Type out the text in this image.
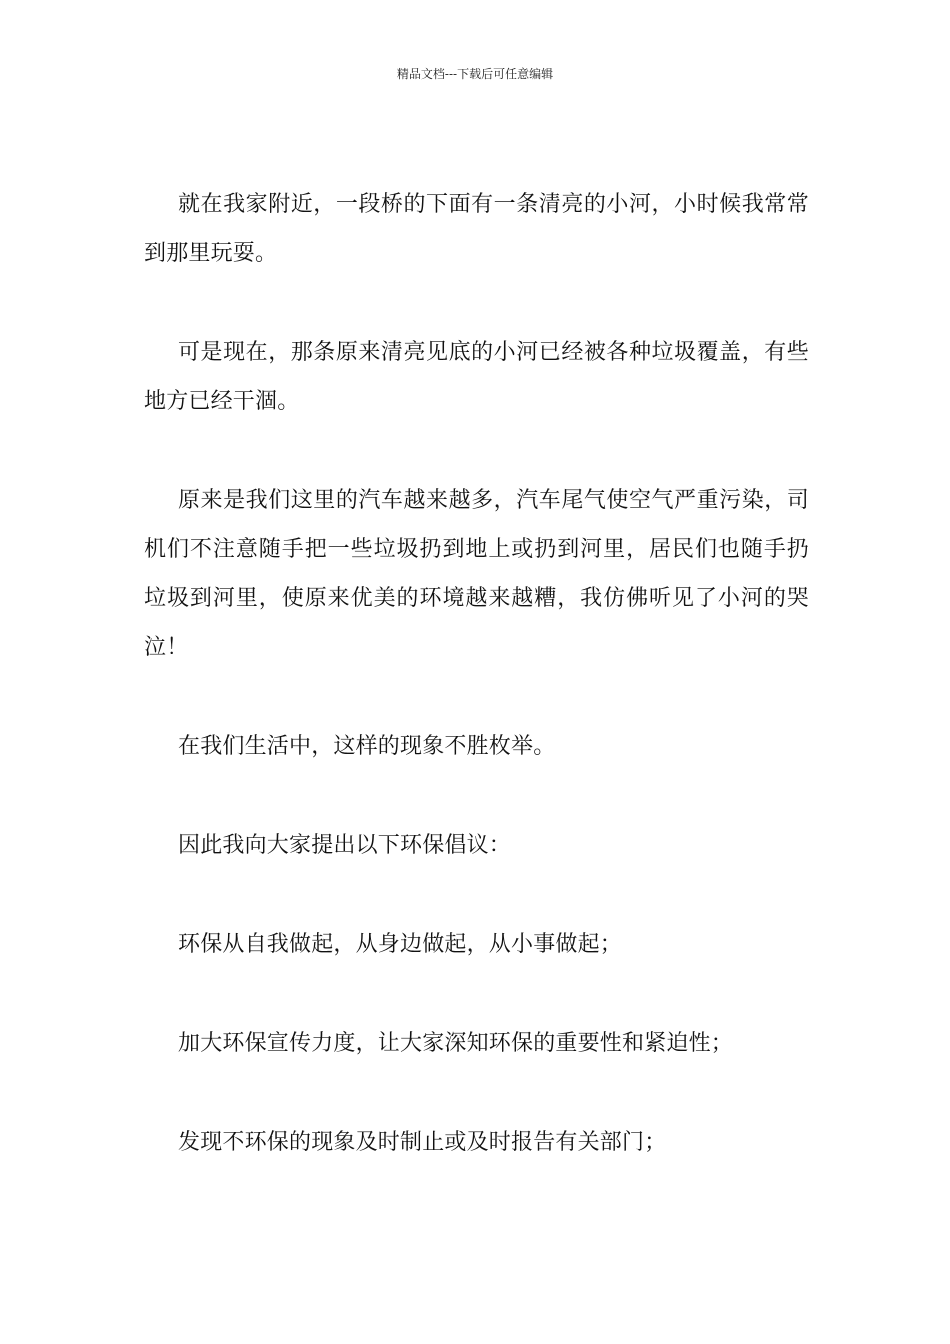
精品文档---下载后可任意编辑

就在我家附近，一段桥的下面有一条清亮的小河，小时候我常常到那里玩耍。

可是现在，那条原来清亮见底的小河已经被各种垃圾覆盖，有些地方已经干涸。

原来是我们这里的汽车越来越多，汽车尾气使空气严重污染，司机们不注意随手把一些垃圾扔到地上或扔到河里，居民们也随手扔垃圾到河里，使原来优美的环境越来越糟，我仿佛听见了小河的哭泣！

在我们生活中，这样的现象不胜枚举。

因此我向大家提出以下环保倡议：

环保从自我做起，从身边做起，从小事做起；

加大环保宣传力度，让大家深知环保的重要性和紧迫性；

发现不环保的现象及时制止或及时报告有关部门；
